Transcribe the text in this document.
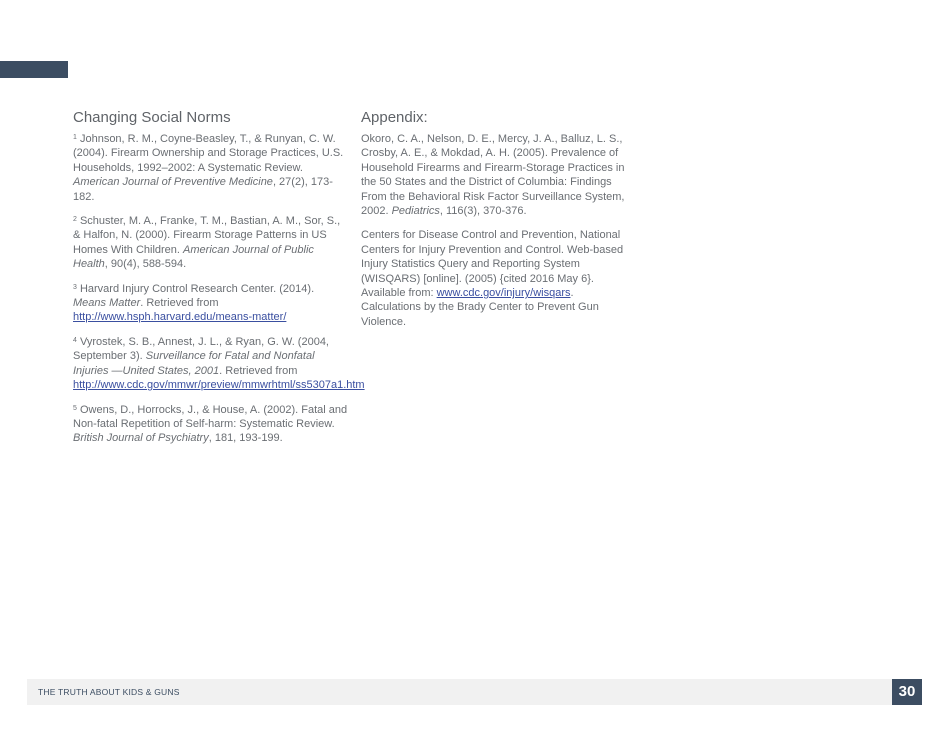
Changing Social Norms

$^1$ Johnson, R. M., Coyne-Beasley, T., & Runyan, C. W. (2004). Firearm Ownership and Storage Practices, U.S. Households, 1992–2002: A Systematic Review. American Journal of Preventive Medicine, 27(2), 173-182.

$^2$ Schuster, M. A., Franke, T. M., Bastian, A. M., Sor, S., & Halfon, N. (2000). Firearm Storage Patterns in US Homes With Children. American Journal of Public Health, 90(4), 588-594.

$^3$ Harvard Injury Control Research Center. (2014). Means Matter. Retrieved from http://www.hsph.harvard.edu/means-matter/

$^4$ Vyrostek, S. B., Annest, J. L., & Ryan, G. W. (2004, September 3). Surveillance for Fatal and Nonfatal Injuries —United States, 2001. Retrieved from http://www.cdc.gov/mmwr/preview/mmwrhtml/ss5307a1.htm

$^5$ Owens, D., Horrocks, J., & House, A. (2002). Fatal and Non-fatal Repetition of Self-harm: Systematic Review. British Journal of Psychiatry, 181, 193-199.

Appendix:

Okoro, C. A., Nelson, D. E., Mercy, J. A., Balluz, L. S., Crosby, A. E., & Mokdad, A. H. (2005). Prevalence of Household Firearms and Firearm-Storage Practices in the 50 States and the District of Columbia: Findings From the Behavioral Risk Factor Surveillance System, 2002. Pediatrics, 116(3), 370-376.

Centers for Disease Control and Prevention, National Centers for Injury Prevention and Control. Web-based Injury Statistics Query and Reporting System (WISQARS) [online]. (2005) {cited 2016 May 6}. Available from: www.cdc.gov/injury/wisqars. Calculations by the Brady Center to Prevent Gun Violence.

THE TRUTH ABOUT KIDS & GUNS	30
